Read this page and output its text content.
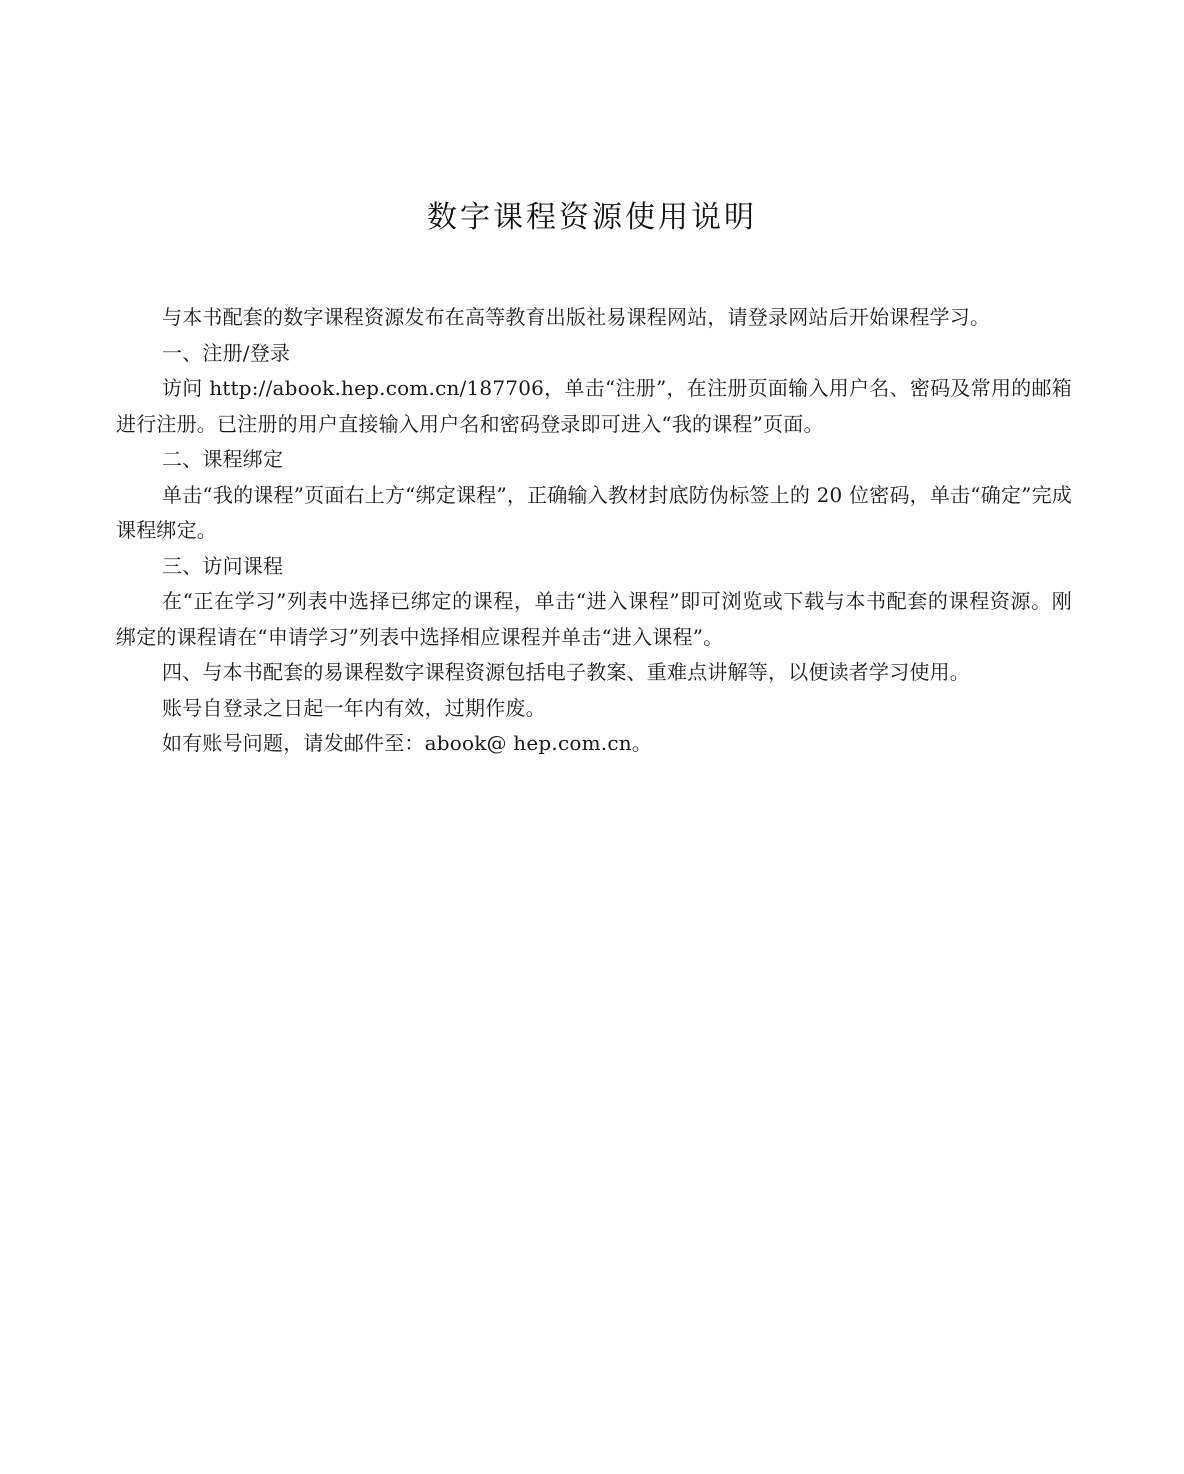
数字课程资源使用说明

与本书配套的数字课程资源发布在高等教育出版社易课程网站，请登录网站后开始课程学习。

一、注册/登录

访问 http://abook.hep.com.cn/187706，单击“注册”，在注册页面输入用户名、密码及常用的邮箱进行注册。已注册的用户直接输入用户名和密码登录即可进入“我的课程”页面。

二、课程绑定

单击“我的课程”页面右上方“绑定课程”，正确输入教材封底防伪标签上的 20 位密码，单击“确定”完成课程绑定。

三、访问课程

在“正在学习”列表中选择已绑定的课程，单击“进入课程”即可浏览或下载与本书配套的课程资源。刚绑定的课程请在“申请学习”列表中选择相应课程并单击“进入课程”。

四、与本书配套的易课程数字课程资源包括电子教案、重难点讲解等，以便读者学习使用。

账号自登录之日起一年内有效，过期作废。

如有账号问题，请发邮件至：abook@ hep.com.cn。
